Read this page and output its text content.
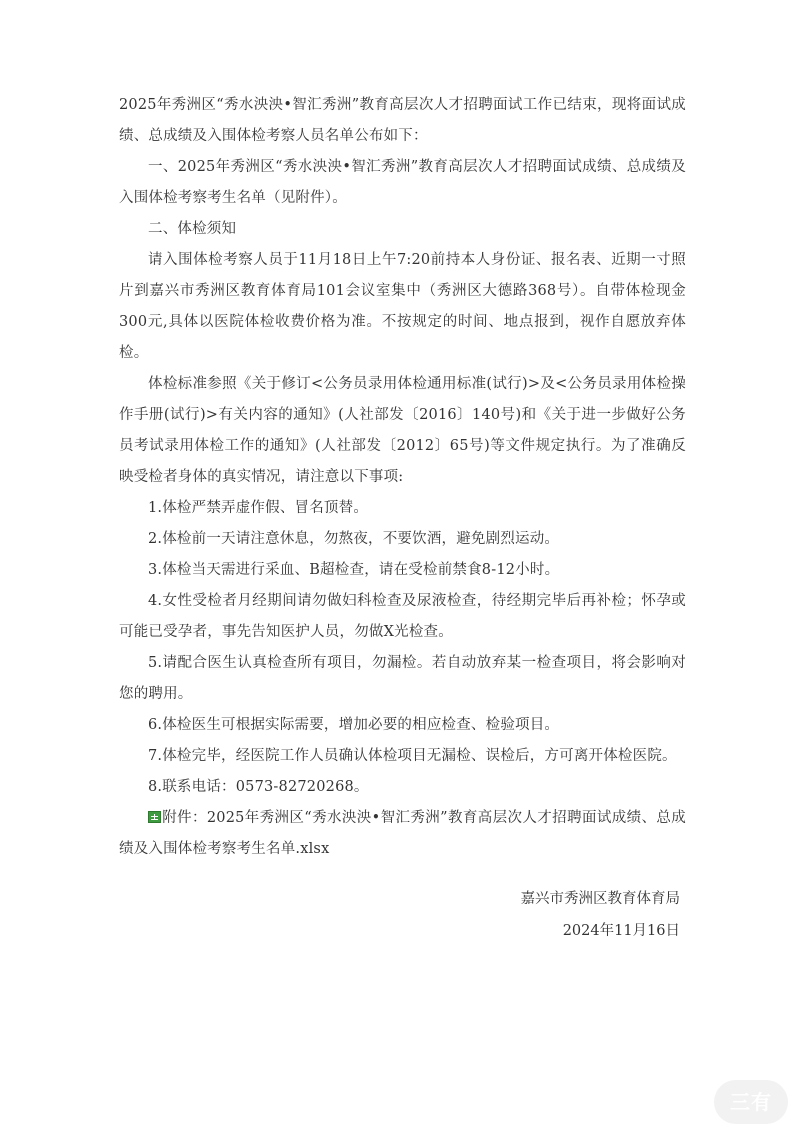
2025年秀洲区“秀水泱泱•智汇秀洲”教育高层次人才招聘面试工作已结束，现将面试成绩、总成绩及入围体检考察人员名单公布如下：

一、2025年秀洲区“秀水泱泱•智汇秀洲”教育高层次人才招聘面试成绩、总成绩及入围体检考察考生名单（见附件）。

二、体检须知

请入围体检考察人员于11月18日上午7:20前持本人身份证、报名表、近期一寸照片到嘉兴市秀洲区教育体育局101会议室集中（秀洲区大德路368号）。自带体检现金300元,具体以医院体检收费价格为准。不按规定的时间、地点报到，视作自愿放弃体检。

体检标准参照《关于修订<公务员录用体检通用标准(试行)>及<公务员录用体检操作手册(试行)>有关内容的通知》(人社部发〔2016〕140号)和《关于进一步做好公务员考试录用体检工作的通知》(人社部发〔2012〕65号)等文件规定执行。为了准确反映受检者身体的真实情况，请注意以下事项:

1.体检严禁弄虚作假、冒名顶替。

2.体检前一天请注意休息，勿熬夜，不要饮酒，避免剧烈运动。

3.体检当天需进行采血、B超检查，请在受检前禁食8-12小时。

4.女性受检者月经期间请勿做妇科检查及尿液检查，待经期完毕后再补检；怀孕或可能已受孕者，事先告知医护人员，勿做X光检查。

5.请配合医生认真检查所有项目，勿漏检。若自动放弃某一检查项目，将会影响对您的聘用。

6.体检医生可根据实际需要，增加必要的相应检查、检验项目。

7.体检完毕，经医院工作人员确认体检项目无漏检、误检后，方可离开体检医院。

8.联系电话：0573-82720268。

附件：2025年秀洲区“秀水泱泱•智汇秀洲”教育高层次人才招聘面试成绩、总成绩及入围体检考察考生名单.xlsx

嘉兴市秀洲区教育体育局
2024年11月16日
三有
